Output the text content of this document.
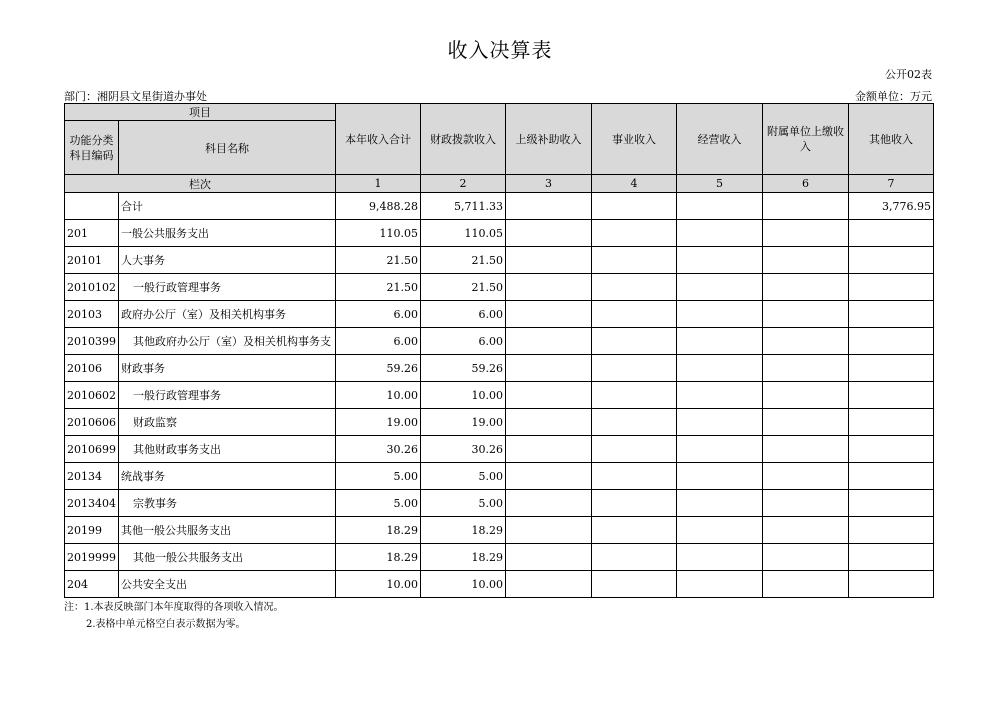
收入决算表
公开02表
部门：湘阴县文星街道办事处	金额单位：万元
项目		本年收入合计	财政拨款收入	上级补助收入	事业收入	经营收入	附属单位上缴收入	其他收入
功能分类科目编码	科目名称							
栏次		1	2	3	4	5	6	7
	合计	9,488.28	5,711.33					3,776.95
201	一般公共服务支出	110.05	110.05					
20101	人大事务	21.50	21.50					
2010102	一般行政管理事务	21.50	21.50					
20103	政府办公厅（室）及相关机构事务	6.00	6.00					
2010399	其他政府办公厅（室）及相关机构事务支	6.00	6.00					
20106	财政事务	59.26	59.26					
2010602	一般行政管理事务	10.00	10.00					
2010606	财政监察	19.00	19.00					
2010699	其他财政事务支出	30.26	30.26					
20134	统战事务	5.00	5.00					
2013404	宗教事务	5.00	5.00					
20199	其他一般公共服务支出	18.29	18.29					
2019999	其他一般公共服务支出	18.29	18.29					
204	公共安全支出	10.00	10.00					
注：1.本表反映部门本年度取得的各项收入情况。
2.表格中单元格空白表示数据为零。
